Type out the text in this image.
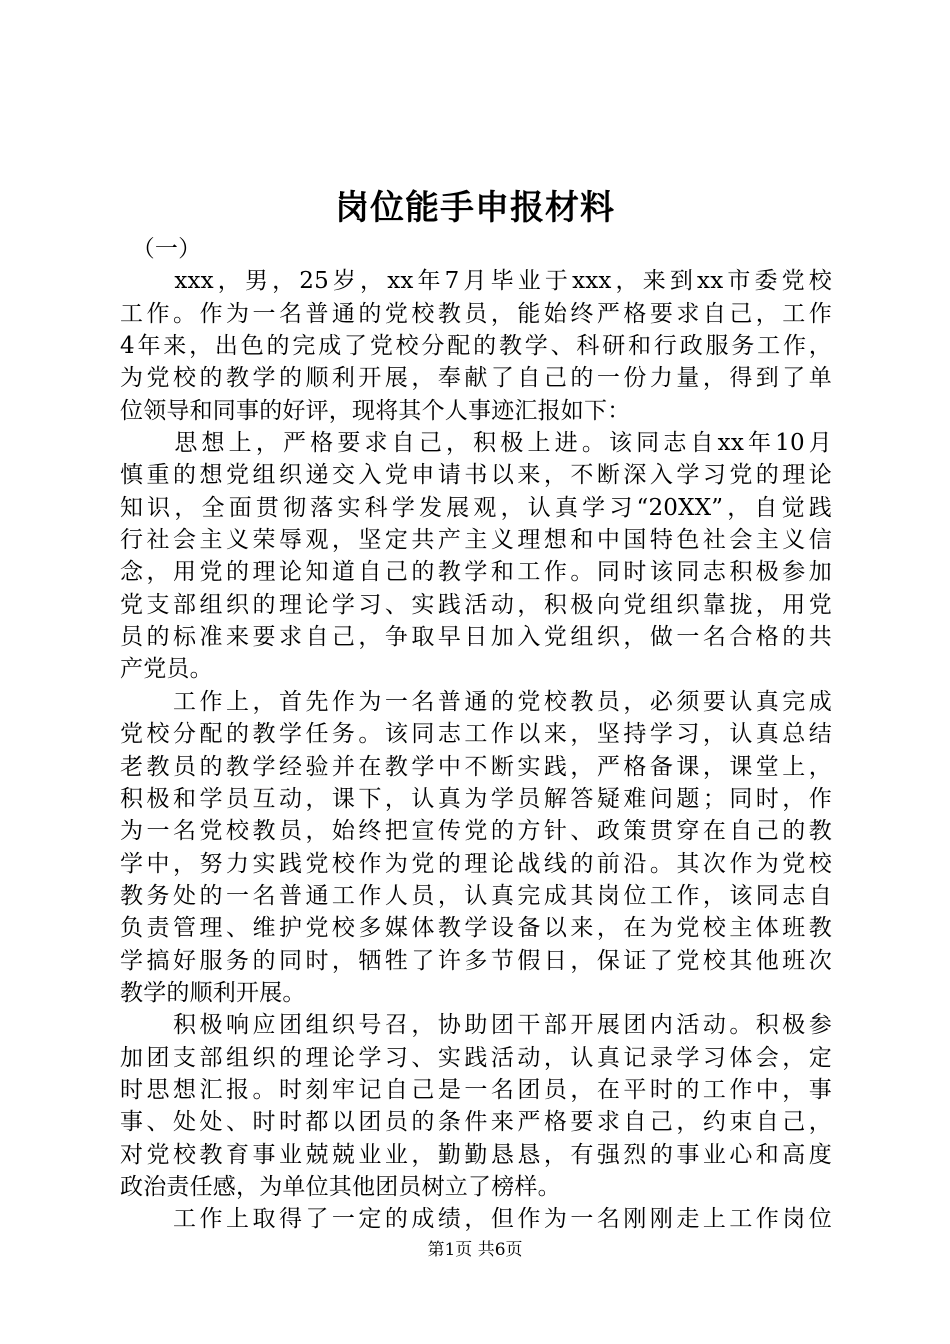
岗位能手申报材料
　（一）
　　xxx，男，25岁，xx年7月毕业于xxx，来到xx市委党校
工作。作为一名普通的党校教员，能始终严格要求自己，工作
4年来，出色的完成了党校分配的教学、科研和行政服务工作，
为党校的教学的顺利开展，奉献了自己的一份力量，得到了单
位领导和同事的好评，现将其个人事迹汇报如下：
　　思想上，严格要求自己，积极上进。该同志自xx年10月
慎重的想党组织递交入党申请书以来，不断深入学习党的理论
知识，全面贯彻落实科学发展观，认真学习“20XX”，自觉践
行社会主义荣辱观，坚定共产主义理想和中国特色社会主义信
念，用党的理论知道自己的教学和工作。同时该同志积极参加
党支部组织的理论学习、实践活动，积极向党组织靠拢，用党
员的标准来要求自己，争取早日加入党组织，做一名合格的共
产党员。
　　工作上，首先作为一名普通的党校教员，必须要认真完成
党校分配的教学任务。该同志工作以来，坚持学习，认真总结
老教员的教学经验并在教学中不断实践，严格备课，课堂上，
积极和学员互动，课下，认真为学员解答疑难问题；同时，作
为一名党校教员，始终把宣传党的方针、政策贯穿在自己的教
学中，努力实践党校作为党的理论战线的前沿。其次作为党校
教务处的一名普通工作人员，认真完成其岗位工作，该同志自
负责管理、维护党校多媒体教学设备以来，在为党校主体班教
学搞好服务的同时，牺牲了许多节假日，保证了党校其他班次
教学的顺利开展。
　　积极响应团组织号召，协助团干部开展团内活动。积极参
加团支部组织的理论学习、实践活动，认真记录学习体会，定
时思想汇报。时刻牢记自己是一名团员，在平时的工作中，事
事、处处、时时都以团员的条件来严格要求自己，约束自己，
对党校教育事业兢兢业业，勤勤恳恳，有强烈的事业心和高度
政治责任感，为单位其他团员树立了榜样。
　　工作上取得了一定的成绩，但作为一名刚刚走上工作岗位
第1页 共6页
